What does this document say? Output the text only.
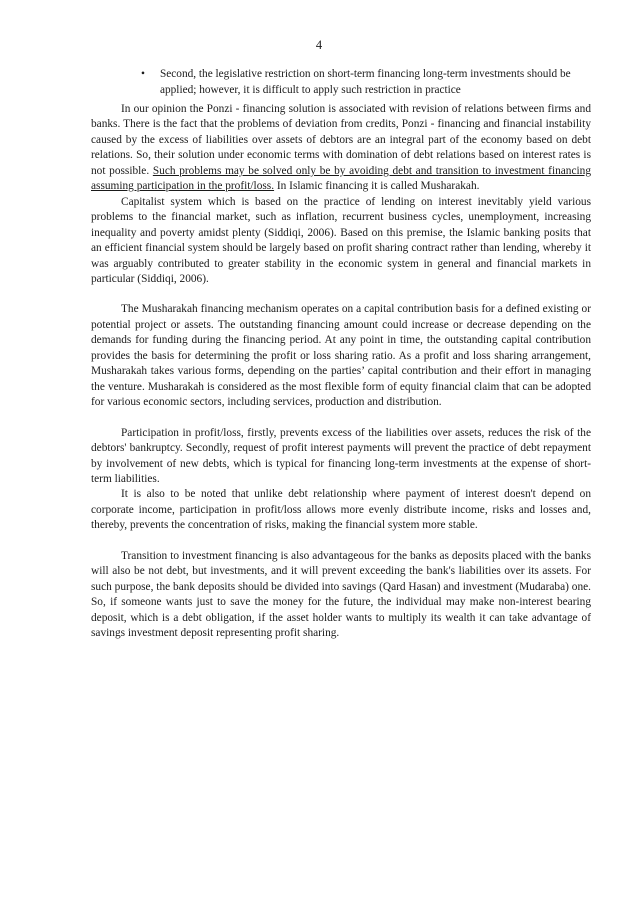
4
• Second, the legislative restriction on short-term financing long-term investments should be applied; however, it is difficult to apply such restriction in practice

In our opinion the Ponzi - financing solution is associated with revision of relations between firms and banks. There is the fact that the problems of deviation from credits, Ponzi - financing and financial instability caused by the excess of liabilities over assets of debtors are an integral part of the economy based on debt relations. So, their solution under economic terms with domination of debt relations based on interest rates is not possible. Such problems may be solved only be by avoiding debt and transition to investment financing assuming participation in the profit/loss. In Islamic financing it is called Musharakah.

Capitalist system which is based on the practice of lending on interest inevitably yield various problems to the financial market, such as inflation, recurrent business cycles, unemployment, increasing inequality and poverty amidst plenty (Siddiqi, 2006). Based on this premise, the Islamic banking posits that an efficient financial system should be largely based on profit sharing contract rather than lending, whereby it was arguably contributed to greater stability in the economic system in general and financial markets in particular (Siddiqi, 2006).

The Musharakah financing mechanism operates on a capital contribution basis for a defined existing or potential project or assets. The outstanding financing amount could increase or decrease depending on the demands for funding during the financing period. At any point in time, the outstanding capital contribution provides the basis for determining the profit or loss sharing ratio. As a profit and loss sharing arrangement, Musharakah takes various forms, depending on the parties’ capital contribution and their effort in managing the venture. Musharakah is considered as the most flexible form of equity financial claim that can be adopted for various economic sectors, including services, production and distribution.

Participation in profit/loss, firstly, prevents excess of the liabilities over assets, reduces the risk of the debtors' bankruptcy. Secondly, request of profit interest payments will prevent the practice of debt repayment by involvement of new debts, which is typical for financing long-term investments at the expense of short-term liabilities.

It is also to be noted that unlike debt relationship where payment of interest doesn't depend on corporate income, participation in profit/loss allows more evenly distribute income, risks and losses and, thereby, prevents the concentration of risks, making the financial system more stable.

Transition to investment financing is also advantageous for the banks as deposits placed with the banks will also be not debt, but investments, and it will prevent exceeding the bank's liabilities over its assets. For such purpose, the bank deposits should be divided into savings (Qard Hasan) and investment (Mudaraba) one. So, if someone wants just to save the money for the future, the individual may make non-interest bearing deposit, which is a debt obligation, if the asset holder wants to multiply its wealth it can take advantage of savings investment deposit representing profit sharing.
